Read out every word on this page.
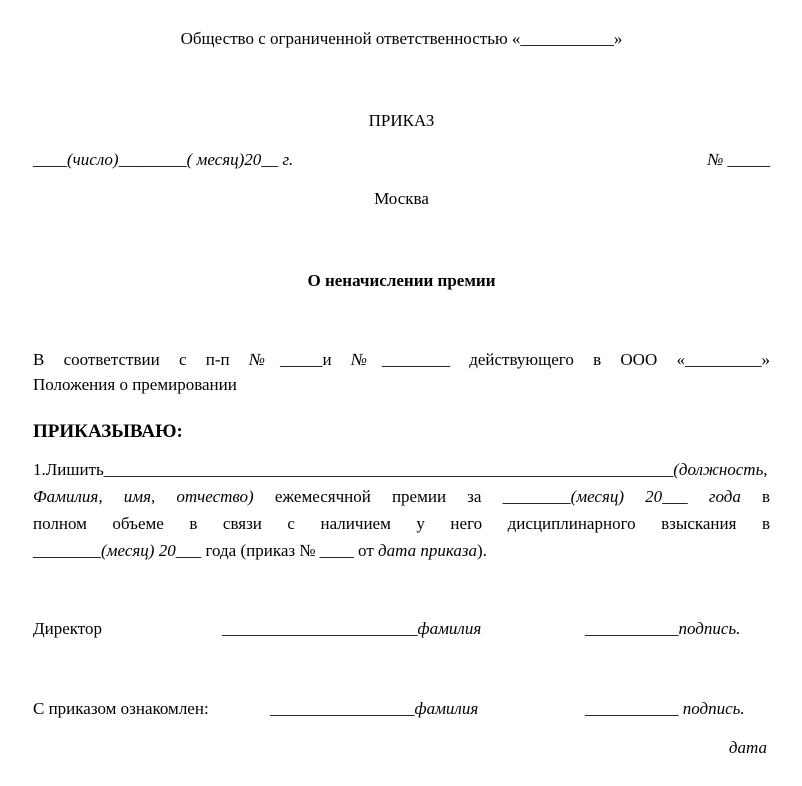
Общество с ограниченной ответственностью «___________»
ПРИКАЗ
____(число)________( месяц)20__ г.	№ _____
Москва
О неначислении премии
В соответствии с п-п №_____и №________ действующего в ООО «_________»
Положения о премировании
ПРИКАЗЫВАЮ:
1.Лишить___________________________________________________________________(должность,
Фамилия, имя, отчество) ежемесячной премии за ________(месяц) 20___ года в
полном объеме в связи с наличием у него дисциплинарного взыскания в
________(месяц) 20___ года (приказ № ____ от дата приказа).
Директор	_______________________фамилия	___________подпись.
С приказом ознакомлен:	_________________фамилия	___________ подпись.
дата
